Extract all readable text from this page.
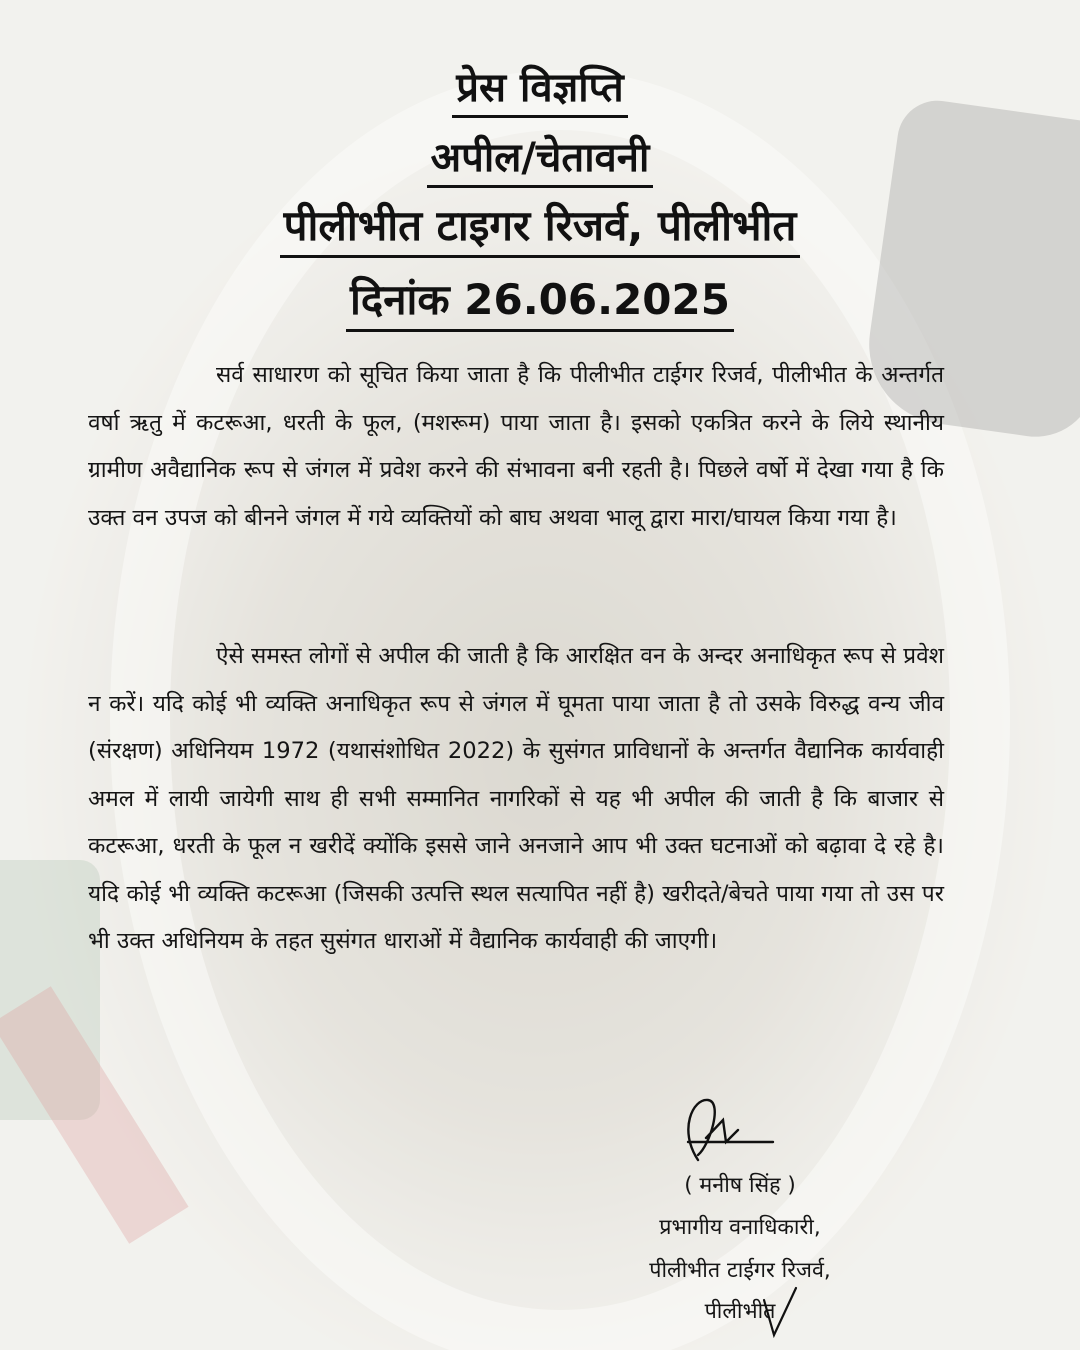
प्रेस विज्ञप्ति
अपील/चेतावनी
पीलीभीत टाइगर रिजर्व, पीलीभीत
दिनांक 26.06.2025

सर्व साधारण को सूचित किया जाता है कि पीलीभीत टाईगर रिजर्व, पीलीभीत के अन्तर्गत वर्षा ऋतु में कटरूआ, धरती के फूल, (मशरूम) पाया जाता है। इसको एकत्रित करने के लिये स्थानीय ग्रामीण अवैद्यानिक रूप से जंगल में प्रवेश करने की संभावना बनी रहती है। पिछले वर्षो में देखा गया है कि उक्त वन उपज को बीनने जंगल में गये व्यक्तियों को बाघ अथवा भालू द्वारा मारा/घायल किया गया है।

ऐसे समस्त लोगों से अपील की जाती है कि आरक्षित वन के अन्दर अनाधिकृत रूप से प्रवेश न करें। यदि कोई भी व्यक्ति अनाधिकृत रूप से जंगल में घूमता पाया जाता है तो उसके विरुद्ध वन्य जीव (संरक्षण) अधिनियम 1972 (यथासंशोधित 2022) के सुसंगत प्राविधानों के अन्तर्गत वैद्यानिक कार्यवाही अमल में लायी जायेगी साथ ही सभी सम्मानित नागरिकों से यह भी अपील की जाती है कि बाजार से कटरूआ, धरती के फूल न खरीदें क्योंकि इससे जाने अनजाने आप भी उक्त घटनाओं को बढ़ावा दे रहे है। यदि कोई भी व्यक्ति कटरूआ (जिसकी उत्पत्ति स्थल सत्यापित नहीं है) खरीदते/बेचते पाया गया तो उस पर भी उक्त अधिनियम के तहत सुसंगत धाराओं में वैद्यानिक कार्यवाही की जाएगी।

( मनीष सिंह )
प्रभागीय वनाधिकारी,
पीलीभीत टाईगर रिजर्व,
पीलीभीत
